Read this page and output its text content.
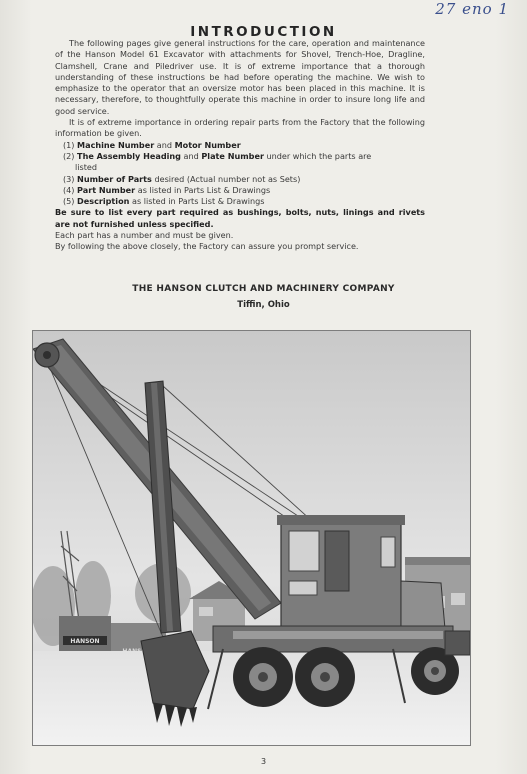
27 eno 1
INTRODUCTION

The following pages give general instructions for the care, operation and maintenance of the Hanson Model 61 Excavator with attachments for Shovel, Trench-Hoe, Dragline, Clamshell, Crane and Piledriver use. It is of extreme importance that a thorough understanding of these instructions be had before operating the machine. We wish to emphasize to the operator that an oversize motor has been placed in this machine. It is necessary, therefore, to thoughtfully operate this machine in order to insure long life and good service.

It is of extreme importance in ordering repair parts from the Factory that the following information be given.

(1) Machine Number and Motor Number
(2) The Assembly Heading and Plate Number under which the parts are
listed
(3) Number of Parts desired (Actual number not as Sets)
(4) Part Number as listed in Parts List & Drawings
(5) Description as listed in Parts List & Drawings

Be sure to list every part required as bushings, bolts, nuts, linings and rivets are not furnished unless specified.

Each part has a number and must be given.

By following the above closely, the Factory can assure you prompt service.

THE HANSON CLUTCH AND MACHINERY COMPANY
Tiffin, Ohio
HANSON
3
